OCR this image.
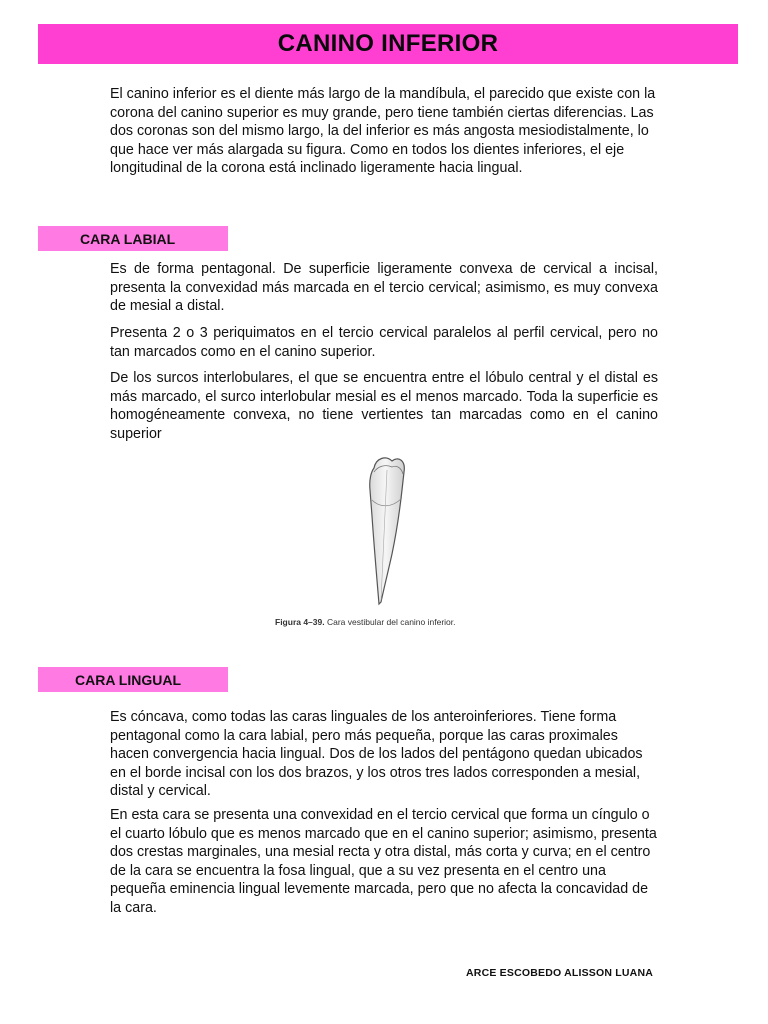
CANINO INFERIOR

El canino inferior es el diente más largo de la mandíbula, el parecido que existe con la corona del canino superior es muy grande, pero tiene también ciertas diferencias. Las dos coronas son del mismo largo, la del inferior es más angosta mesiodistalmente, lo que hace ver más alargada su figura. Como en todos los dientes inferiores, el eje longitudinal de la corona está inclinado ligeramente hacia lingual.

CARA LABIAL

Es de forma pentagonal. De superficie ligeramente convexa de cervical a incisal, presenta la convexidad más marcada en el tercio cervical; asimismo, es muy convexa de mesial a distal.

Presenta 2 o 3 periquimatos en el tercio cervical paralelos al perfil cervical, pero no tan marcados como en el canino superior.

De los surcos interlobulares, el que se encuentra entre el lóbulo central y el distal es más marcado, el surco interlobular mesial es el menos marcado. Toda la superficie es homogéneamente convexa, no tiene vertientes tan marcadas como en el canino superior

Figura 4–39. Cara vestibular del canino inferior.
CARA LINGUAL

Es cóncava, como todas las caras linguales de los anteroinferiores. Tiene forma pentagonal como la cara labial, pero más pequeña, porque las caras proximales hacen convergencia hacia lingual. Dos de los lados del pentágono quedan ubicados en el borde incisal con los dos brazos, y los otros tres lados corresponden a mesial, distal y cervical.

En esta cara se presenta una convexidad en el tercio cervical que forma un cíngulo o el cuarto lóbulo que es menos marcado que en el canino superior; asimismo, presenta dos crestas marginales, una mesial recta y otra distal, más corta y curva; en el centro de la cara se encuentra la fosa lingual, que a su vez presenta en el centro una pequeña eminencia lingual levemente marcada, pero que no afecta la concavidad de la cara.

ARCE ESCOBEDO ALISSON LUANA
